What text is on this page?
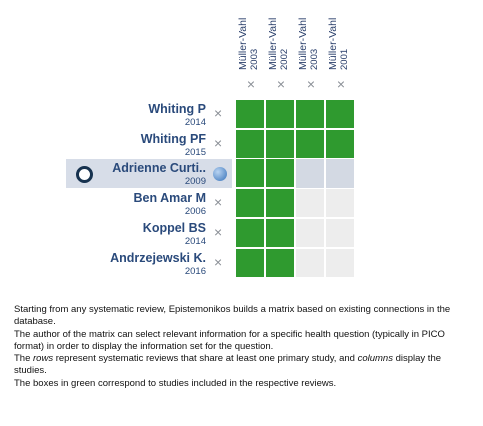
Müller-Vahl 2003
×
Müller-Vahl 2002
×
Müller-Vahl 2003
×
Müller-Vahl 2001
×
×
Whiting P
2014
×
Whiting PF
2015
Adrienne Curti..
2009
×
Ben Amar M
2006
×
Koppel BS
2014
×
Andrzejewski K.
2016

Starting from any systematic review, Epistemonikos builds a matrix based on existing connections in the database.

The author of the matrix can select relevant information for a specific health question (typically in PICO format) in order to display the information set for the question.

The rows represent systematic reviews that share at least one primary study, and columns display the studies.

The boxes in green correspond to studies included in the respective reviews.
